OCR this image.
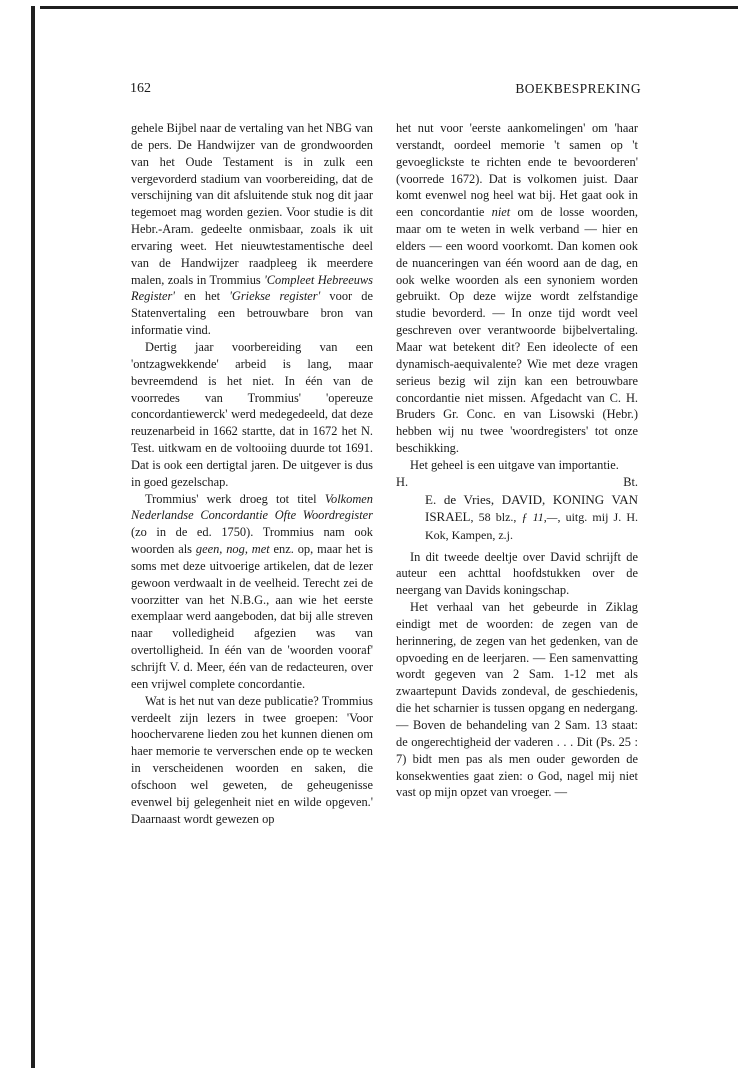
162	BOEKBESPREKING

gehele Bijbel naar de vertaling van het NBG van de pers. De Handwijzer van de grondwoorden van het Oude Testament is in zulk een vergevorderd stadium van voorbereiding, dat de verschijning van dit afsluitende stuk nog dit jaar tegemoet mag worden gezien. Voor studie is dit Hebr.-Aram. gedeelte onmisbaar, zoals ik uit ervaring weet. Het nieuwtestamentische deel van de Handwijzer raadpleeg ik meerdere malen, zoals in Trommius 'Compleet Hebreeuws Register' en het 'Griekse register' voor de Statenvertaling een betrouwbare bron van informatie vind.

Dertig jaar voorbereiding van een 'ontzagwekkende' arbeid is lang, maar bevreemdend is het niet. In één van de voorredes van Trommius' 'opereuze concordantiewerck' werd medegedeeld, dat deze reuzenarbeid in 1662 startte, dat in 1672 het N. Test. uitkwam en de voltooiing duurde tot 1691. Dat is ook een dertigtal jaren. De uitgever is dus in goed gezelschap.

Trommius' werk droeg tot titel Volkomen Nederlandse Concordantie Ofte Woordregister (zo in de ed. 1750). Trommius nam ook woorden als geen, nog, met enz. op, maar het is soms met deze uitvoerige artikelen, dat de lezer gewoon verdwaalt in de veelheid. Terecht zei de voorzitter van het N.B.G., aan wie het eerste exemplaar werd aangeboden, dat bij alle streven naar volledigheid afgezien was van overtolligheid. In één van de 'woorden vooraf' schrijft V. d. Meer, één van de redacteuren, over een vrijwel complete concordantie.

Wat is het nut van deze publicatie? Trommius verdeelt zijn lezers in twee groepen: 'Voor hoochervarene lieden zou het kunnen dienen om haer memorie te ververschen ende op te wecken in verscheidenen woorden en saken, die ofschoon wel geweten, de geheugenisse evenwel bij gelegenheit niet en wilde opgeven.' Daarnaast wordt gewezen op

het nut voor 'eerste aankomelingen' om 'haar verstandt, oordeel memorie 't samen op 't gevoeglickste te richten ende te bevoorderen' (voorrede 1672). Dat is volkomen juist. Daar komt evenwel nog heel wat bij. Het gaat ook in een concordantie niet om de losse woorden, maar om te weten in welk verband — hier en elders — een woord voorkomt. Dan komen ook de nuanceringen van één woord aan de dag, en ook welke woorden als een synoniem worden gebruikt. Op deze wijze wordt zelfstandige studie bevorderd. — In onze tijd wordt veel geschreven over verantwoorde bijbelvertaling. Maar wat betekent dit? Een ideolecte of een dynamisch-aequivalente? Wie met deze vragen serieus bezig wil zijn kan een betrouwbare concordantie niet missen. Afgedacht van C. H. Bruders Gr. Conc. en van Lisowski (Hebr.) hebben wij nu twee 'woordregisters' tot onze beschikking.

Het geheel is een uitgave van importantie.

H.	Bt.

E. de Vries, DAVID, KONING VAN ISRAEL, 58 blz., ƒ 11,—, uitg. mij J. H. Kok, Kampen, z.j.

In dit tweede deeltje over David schrijft de auteur een achttal hoofdstukken over de neergang van Davids koningschap.

Het verhaal van het gebeurde in Ziklag eindigt met de woorden: de zegen van de herinnering, de zegen van het gedenken, van de opvoeding en de leerjaren. — Een samenvatting wordt gegeven van 2 Sam. 1-12 met als zwaartepunt Davids zondeval, de geschiedenis, die het scharnier is tussen opgang en nedergang. — Boven de behandeling van 2 Sam. 13 staat: de ongerechtigheid der vaderen . . . Dit (Ps. 25 : 7) bidt men pas als men ouder geworden de konsekwenties gaat zien: o God, nagel mij niet vast op mijn opzet van vroeger. —
